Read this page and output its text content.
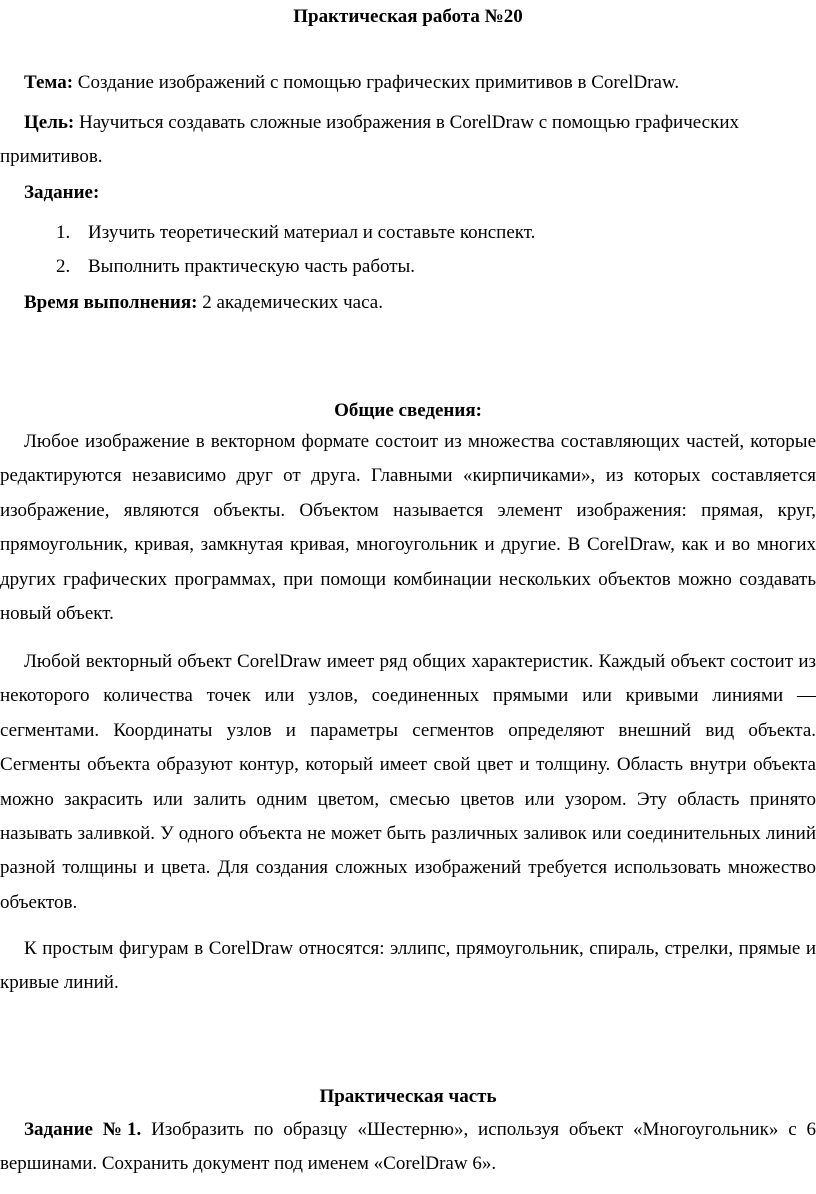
Практическая работа №20
Тема: Создание изображений с помощью графических примитивов в CorelDraw.
Цель: Научиться создавать сложные изображения в CorelDraw с помощью графических
примитивов.
Задание:
1. Изучить теоретический материал и составьте конспект.
2. Выполнить практическую часть работы.
Время выполнения: 2 академических часа.
Общие сведения:

Любое изображение в векторном формате состоит из множества составляющих частей, которые редактируются независимо друг от друга. Главными «кирпичиками», из которых составляется изображение, являются объекты. Объектом называется элемент изображения: прямая, круг, прямоугольник, кривая, замкнутая кривая, многоугольник и другие. В CorelDraw, как и во многих других графических программах, при помощи комбинации нескольких объектов можно создавать новый объект.

Любой векторный объект CorelDraw имеет ряд общих характеристик. Каждый объект состоит из некоторого количества точек или узлов, соединенных прямыми или кривыми линиями — сегментами. Координаты узлов и параметры сегментов определяют внешний вид объекта. Сегменты объекта образуют контур, который имеет свой цвет и толщину. Область внутри объекта можно закрасить или залить одним цветом, смесью цветов или узором. Эту область принято называть заливкой. У одного объекта не может быть различных заливок или соединительных линий разной толщины и цвета. Для создания сложных изображений требуется использовать множество объектов.

К простым фигурам в CorelDraw относятся: эллипс, прямоугольник, спираль, стрелки, прямые и кривые линий.

Практическая часть

Задание №1. Изобразить по образцу «Шестерню», используя объект «Многоугольник» с 6 вершинами. Сохранить документ под именем «CorelDraw 6».
